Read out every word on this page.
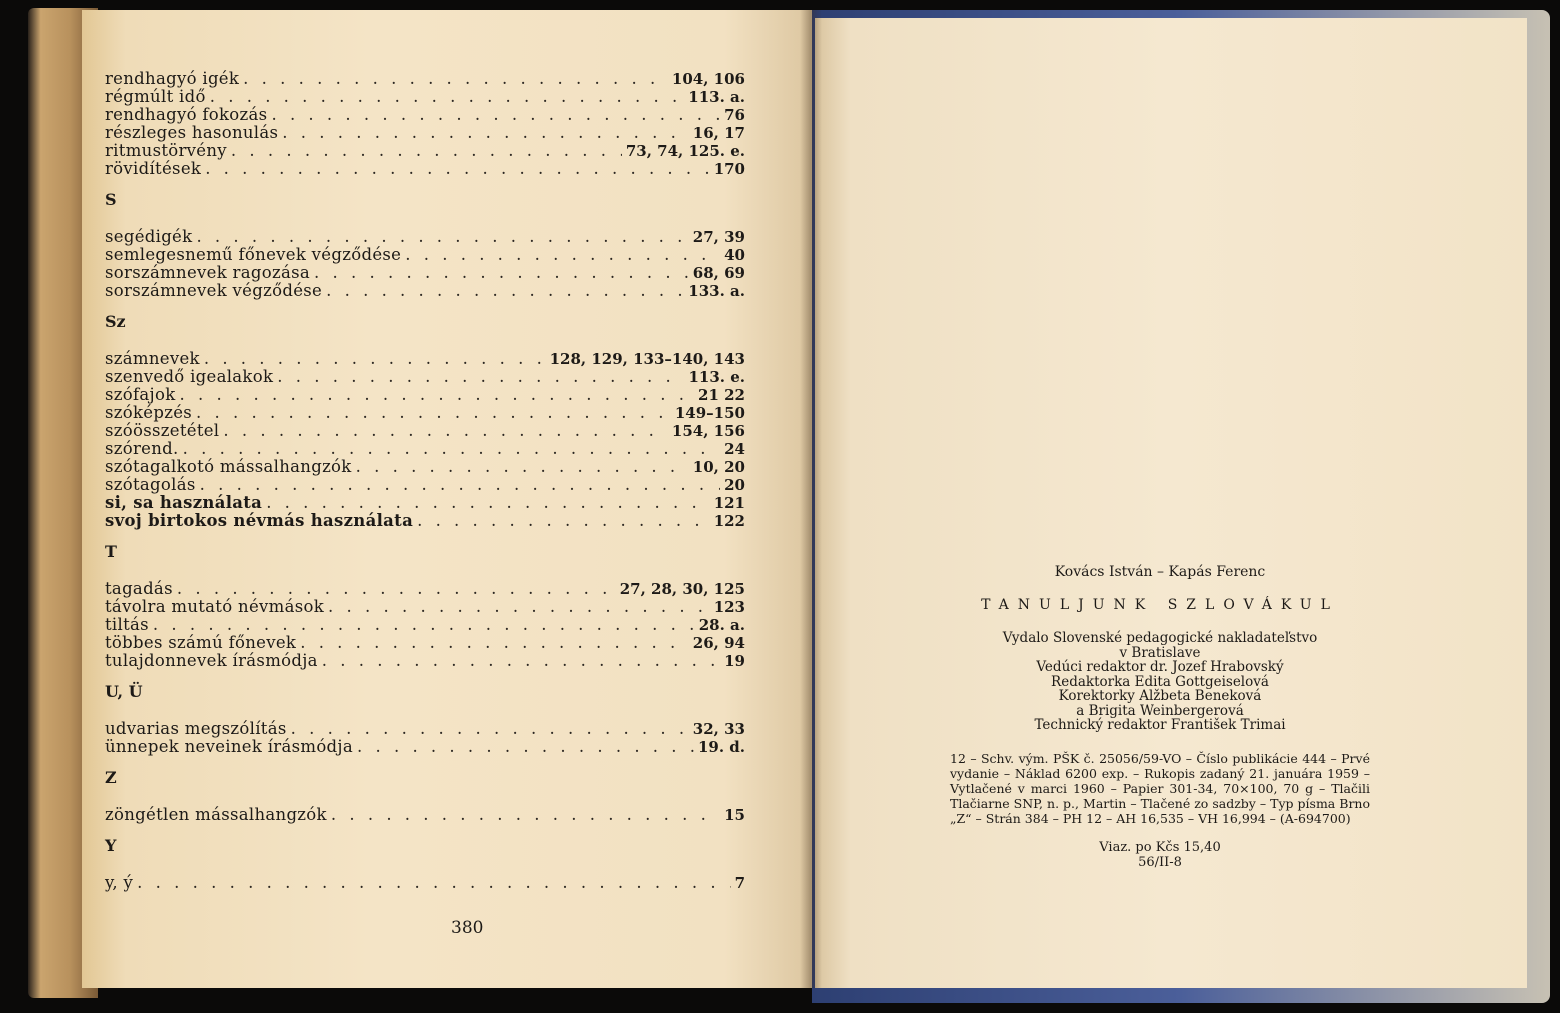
rendhagyó igék . . .	104, 106
régmúlt idő . . .	113. a.
rendhagyó fokozás . . .	76
részleges hasonulás . . .	16, 17
ritmustörvény . . .	73, 74, 125. e.
rövidítések . . .	170
S
segédigék . . .	27, 39
semlegesnemű főnevek végződése . . .	40
sorszámnevek ragozása . . .	68, 69
sorszámnevek végződése . . .	133. a.
Sz
számnevek . . .	128, 129, 133–140, 143
szenvedő igealakok . . .	113. e.
szófajok . . .	21 22
szóképzés . . .	149–150
szóösszetétel . . .	154, 156
szórend. . . .	24
szótagalkotó mássalhangzók . . .	10, 20
szótagolás . . .	20
si, sa használata . . .	121
svoj birtokos névmás használata . . .	122
T
tagadás . . .	27, 28, 30, 125
távolra mutató névmások . . .	123
tiltás . . .	28. a.
többes számú főnevek . . .	26, 94
tulajdonnevek írásmódja . . .	19
U, Ü
udvarias megszólítás . . .	32, 33
ünnepek neveinek írásmódja . . .	19. d.
Z
zöngétlen mássalhangzók . . .	15
Y
y, ý . . .	7
380
Kovács István – Kapás Ferenc
TANULJUNK SZLOVÁKUL
Vydalo Slovenské pedagogické nakladateľstvo
v Bratislave
Vedúci redaktor dr. Jozef Hrabovský
Redaktorka Edita Gottgeiselová
Korektorky Alžbeta Beneková
a Brigita Weinbergerová
Technický redaktor František Trimai
12 – Schv. vým. PŠK č. 25056/59-VO – Číslo publikácie 444 – Prvé vydanie – Náklad 6200 exp. – Rukopis zadaný 21. januára 1959 – Vytlačené v marci 1960 – Papier 301-34, 70×100, 70 g – Tlačili Tlačiarne SNP, n. p., Martin – Tlačené zo sadzby – Typ písma Brno „Z“ – Strán 384 – PH 12 – AH 16,535 – VH 16,994 – (A-694700)
Viaz. po Kčs 15,40
56/II-8
